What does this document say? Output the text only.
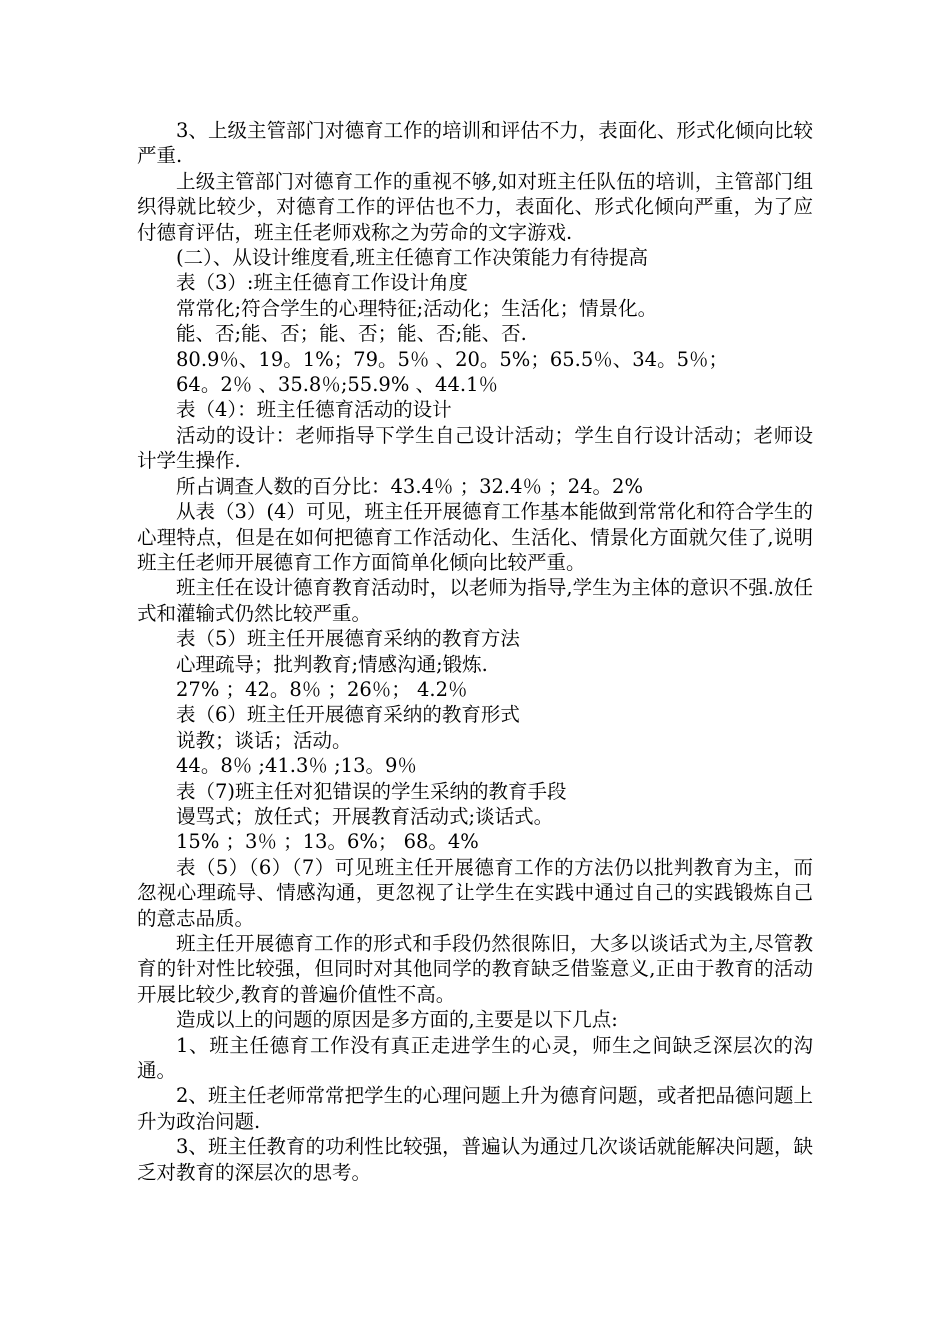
3、上级主管部门对德育工作的培训和评估不力，表面化、形式化倾向比较严重.

上级主管部门对德育工作的重视不够,如对班主任队伍的培训，主管部门组织得就比较少，对德育工作的评估也不力，表面化、形式化倾向严重，为了应付德育评估，班主任老师戏称之为劳命的文字游戏.

(二）、从设计维度看,班主任德育工作决策能力有待提高

表（3）:班主任德育工作设计角度

常常化;符合学生的心理特征;活动化；生活化；情景化。

能、否;能、否；能、否；能、否;能、否.

80.9％、19。1%；79。5％ 、20。5%；65.5％、34。5％；

64。2％ 、35.8％;55.9% 、44.1％

表（4）：班主任德育活动的设计

活动的设计：老师指导下学生自己设计活动；学生自行设计活动；老师设计学生操作.

所占调查人数的百分比：43.4％ ；32.4％ ；24。2%

从表（3）(4）可见，班主任开展德育工作基本能做到常常化和符合学生的心理特点，但是在如何把德育工作活动化、生活化、情景化方面就欠佳了,说明班主任老师开展德育工作方面简单化倾向比较严重。

班主任在设计德育教育活动时，以老师为指导,学生为主体的意识不强.放任式和灌输式仍然比较严重。

表（5）班主任开展德育采纳的教育方法

心理疏导；批判教育;情感沟通;锻炼.

27% ；42。8％ ；26％； 4.2％

表（6）班主任开展德育采纳的教育形式

说教；谈话；活动。

44。8％ ;41.3％ ;13。9％

表（7)班主任对犯错误的学生采纳的教育手段

谩骂式；放任式；开展教育活动式;谈话式。

15% ；3％ ；13。6%； 68。4%

表（5）（6）（7）可见班主任开展德育工作的方法仍以批判教育为主，而忽视心理疏导、情感沟通，更忽视了让学生在实践中通过自己的实践锻炼自己的意志品质。

班主任开展德育工作的形式和手段仍然很陈旧，大多以谈话式为主,尽管教育的针对性比较强，但同时对其他同学的教育缺乏借鉴意义,正由于教育的活动开展比较少,教育的普遍价值性不高。

造成以上的问题的原因是多方面的,主要是以下几点:

1、班主任德育工作没有真正走进学生的心灵，师生之间缺乏深层次的沟通。

2、班主任老师常常把学生的心理问题上升为德育问题，或者把品德问题上升为政治问题.

3、班主任教育的功利性比较强，普遍认为通过几次谈话就能解决问题，缺乏对教育的深层次的思考。
